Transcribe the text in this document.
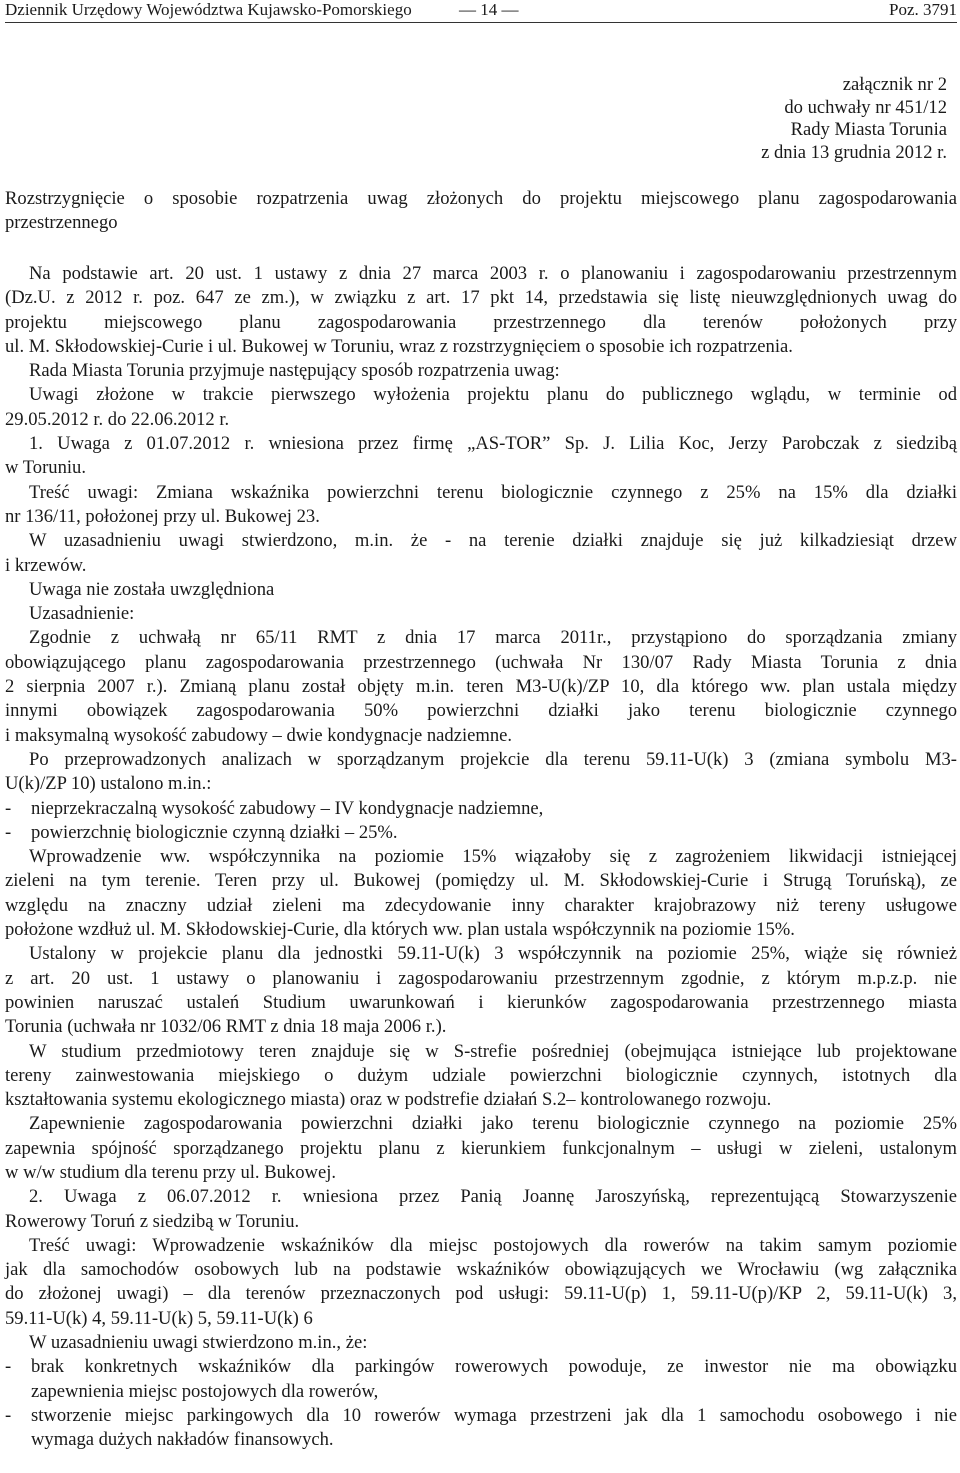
Dziennik Urzędowy Województwa Kujawsko-Pomorskiego	— 14 —	Poz. 3791
załącznik nr 2
do uchwały nr 451/12
Rady Miasta Torunia
z dnia 13 grudnia 2012 r.
Rozstrzygnięcie o sposobie rozpatrzenia uwag złożonych do projektu miejscowego planu zagospodarowania
przestrzennego

Na podstawie art. 20 ust. 1 ustawy z dnia 27 marca 2003 r. o planowaniu i zagospodarowaniu przestrzennym

(Dz.U. z 2012 r. poz. 647 ze zm.), w związku z art. 17 pkt 14, przedstawia się listę nieuwzględnionych uwag do

projektu miejscowego planu zagospodarowania przestrzennego dla terenów położonych przy

ul. M. Skłodowskiej-Curie i ul. Bukowej w Toruniu, wraz z rozstrzygnięciem o sposobie ich rozpatrzenia.

Rada Miasta Torunia przyjmuje następujący sposób rozpatrzenia uwag:

Uwagi złożone w trakcie pierwszego wyłożenia projektu planu do publicznego wglądu, w terminie od

29.05.2012 r. do 22.06.2012 r.

1. Uwaga z 01.07.2012 r. wniesiona przez firmę „AS-TOR” Sp. J. Lilia Koc, Jerzy Parobczak z siedzibą

w Toruniu.

Treść uwagi: Zmiana wskaźnika powierzchni terenu biologicznie czynnego z 25% na 15% dla działki

nr 136/11, położonej przy ul. Bukowej 23.

W uzasadnieniu uwagi stwierdzono, m.in. że - na terenie działki znajduje się już kilkadziesiąt drzew

i krzewów.

Uwaga nie została uwzględniona

Uzasadnienie:

Zgodnie z uchwałą nr 65/11 RMT z dnia 17 marca 2011r., przystąpiono do sporządzania zmiany

obowiązującego planu zagospodarowania przestrzennego (uchwała Nr 130/07 Rady Miasta Torunia z dnia

2 sierpnia 2007 r.). Zmianą planu został objęty m.in. teren M3-U(k)/ZP 10, dla którego ww. plan ustala między

innymi obowiązek zagospodarowania 50% powierzchni działki jako terenu biologicznie czynnego

i maksymalną wysokość zabudowy – dwie kondygnacje nadziemne.

Po przeprowadzonych analizach w sporządzanym projekcie dla terenu 59.11-U(k) 3 (zmiana symbolu M3-

U(k)/ZP 10) ustalono m.in.:

-	nieprzekraczalną wysokość zabudowy – IV kondygnacje nadziemne,
-	powierzchnię biologicznie czynną działki – 25%.

Wprowadzenie ww. współczynnika na poziomie 15% wiązałoby się z zagrożeniem likwidacji istniejącej

zieleni na tym terenie. Teren przy ul. Bukowej (pomiędzy ul. M. Skłodowskiej-Curie i Strugą Toruńską), ze

względu na znaczny udział zieleni ma zdecydowanie inny charakter krajobrazowy niż tereny usługowe

położone wzdłuż ul. M. Skłodowskiej-Curie, dla których ww. plan ustala współczynnik na poziomie 15%.

Ustalony w projekcie planu dla jednostki 59.11-U(k) 3 współczynnik na poziomie 25%, wiąże się również

z art. 20 ust. 1 ustawy o planowaniu i zagospodarowaniu przestrzennym zgodnie, z którym m.p.z.p. nie

powinien naruszać ustaleń Studium uwarunkowań i kierunków zagospodarowania przestrzennego miasta

Torunia (uchwała nr 1032/06 RMT z dnia 18 maja 2006 r.).

W studium przedmiotowy teren znajduje się w S-strefie pośredniej (obejmująca istniejące lub projektowane

tereny zainwestowania miejskiego o dużym udziale powierzchni biologicznie czynnych, istotnych dla

kształtowania systemu ekologicznego miasta) oraz w podstrefie działań S.2– kontrolowanego rozwoju.

Zapewnienie zagospodarowania powierzchni działki jako terenu biologicznie czynnego na poziomie 25%

zapewnia spójność sporządzanego projektu planu z kierunkiem funkcjonalnym – usługi w zieleni, ustalonym

w w/w studium dla terenu przy ul. Bukowej.

2. Uwaga z 06.07.2012 r. wniesiona przez Panią Joannę Jaroszyńską, reprezentującą Stowarzyszenie

Rowerowy Toruń z siedzibą w Toruniu.

Treść uwagi: Wprowadzenie wskaźników dla miejsc postojowych dla rowerów na takim samym poziomie

jak dla samochodów osobowych lub na podstawie wskaźników obowiązujących we Wrocławiu (wg załącznika

do złożonej uwagi) – dla terenów przeznaczonych pod usługi: 59.11-U(p) 1, 59.11-U(p)/KP 2, 59.11-U(k) 3,

59.11-U(k) 4, 59.11-U(k) 5, 59.11-U(k) 6

W uzasadnieniu uwagi stwierdzono m.in., że:

-	brak konkretnych wskaźników dla parkingów rowerowych powoduje, ze inwestor nie ma obowiązku
zapewnienia miejsc postojowych dla rowerów,
-	stworzenie miejsc parkingowych dla 10 rowerów wymaga przestrzeni jak dla 1 samochodu osobowego i nie
wymaga dużych nakładów finansowych.
